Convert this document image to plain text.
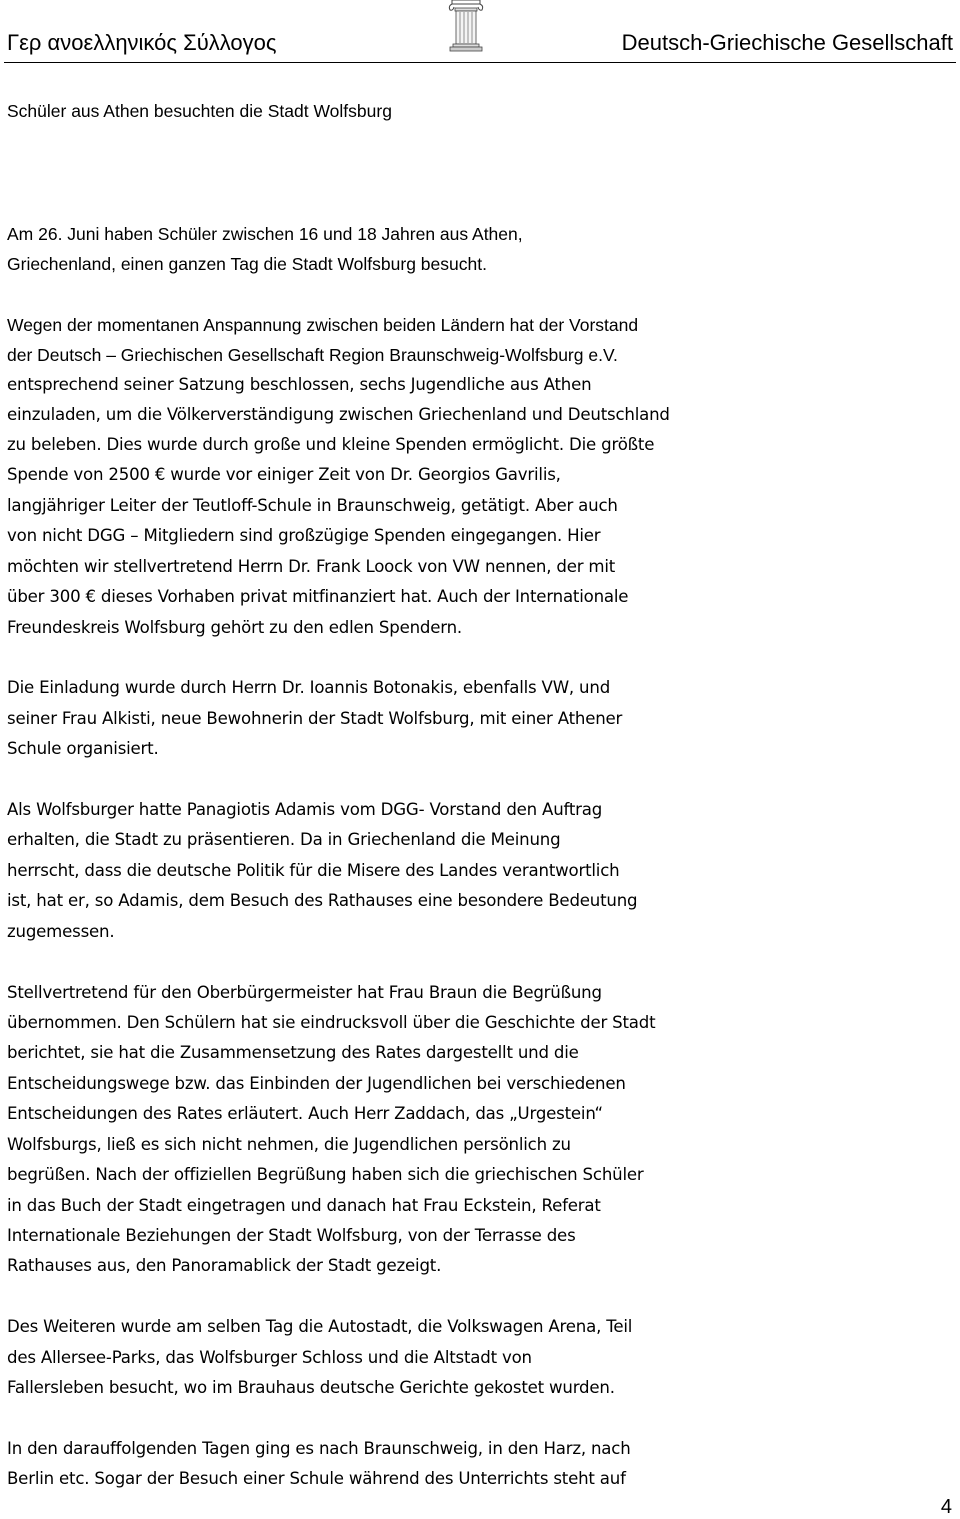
Γερ ανοελληνικός Σύλλογος	Deutsch-Griechische Gesellschaft
Schüler aus Athen besuchten die Stadt Wolfsburg
Am 26. Juni haben Schüler zwischen 16 und 18 Jahren aus Athen,
Griechenland, einen ganzen Tag die Stadt Wolfsburg besucht.
Wegen der momentanen Anspannung zwischen beiden Ländern hat der Vorstand
der Deutsch – Griechischen Gesellschaft Region Braunschweig-Wolfsburg e.V.
entsprechend seiner Satzung beschlossen, sechs Jugendliche aus Athen
einzuladen, um die Völkerverständigung zwischen Griechenland und Deutschland
zu beleben. Dies wurde durch große und kleine Spenden ermöglicht. Die größte
Spende von 2500 € wurde vor einiger Zeit von Dr. Georgios Gavrilis,
langjähriger Leiter der Teutloff-Schule in Braunschweig, getätigt. Aber auch
von nicht DGG – Mitgliedern sind großzügige Spenden eingegangen. Hier
möchten wir stellvertretend Herrn Dr. Frank Loock von VW nennen, der mit
über 300 € dieses Vorhaben privat mitfinanziert hat. Auch der Internationale
Freundeskreis Wolfsburg gehört zu den edlen Spendern.
Die Einladung wurde durch Herrn Dr. Ioannis Botonakis, ebenfalls VW, und
seiner Frau Alkisti, neue Bewohnerin der Stadt Wolfsburg, mit einer Athener
Schule organisiert.
Als Wolfsburger hatte Panagiotis Adamis vom DGG- Vorstand den Auftrag
erhalten, die Stadt zu präsentieren. Da in Griechenland die Meinung
herrscht, dass die deutsche Politik für die Misere des Landes verantwortlich
ist, hat er, so Adamis, dem Besuch des Rathauses eine besondere Bedeutung
zugemessen.
Stellvertretend für den Oberbürgermeister hat Frau Braun die Begrüßung
übernommen. Den Schülern hat sie eindrucksvoll über die Geschichte der Stadt
berichtet, sie hat die Zusammensetzung des Rates dargestellt und die
Entscheidungswege bzw. das Einbinden der Jugendlichen bei verschiedenen
Entscheidungen des Rates erläutert. Auch Herr Zaddach, das „Urgestein“
Wolfsburgs, ließ es sich nicht nehmen, die Jugendlichen persönlich zu
begrüßen. Nach der offiziellen Begrüßung haben sich die griechischen Schüler
in das Buch der Stadt eingetragen und danach hat Frau Eckstein, Referat
Internationale Beziehungen der Stadt Wolfsburg, von der Terrasse des
Rathauses aus, den Panoramablick der Stadt gezeigt.
Des Weiteren wurde am selben Tag die Autostadt, die Volkswagen Arena, Teil
des Allersee-Parks, das Wolfsburger Schloss und die Altstadt von
Fallersleben besucht, wo im Brauhaus deutsche Gerichte gekostet wurden.
In den darauffolgenden Tagen ging es nach Braunschweig, in den Harz, nach
Berlin etc. Sogar der Besuch einer Schule während des Unterrichts steht auf
4
